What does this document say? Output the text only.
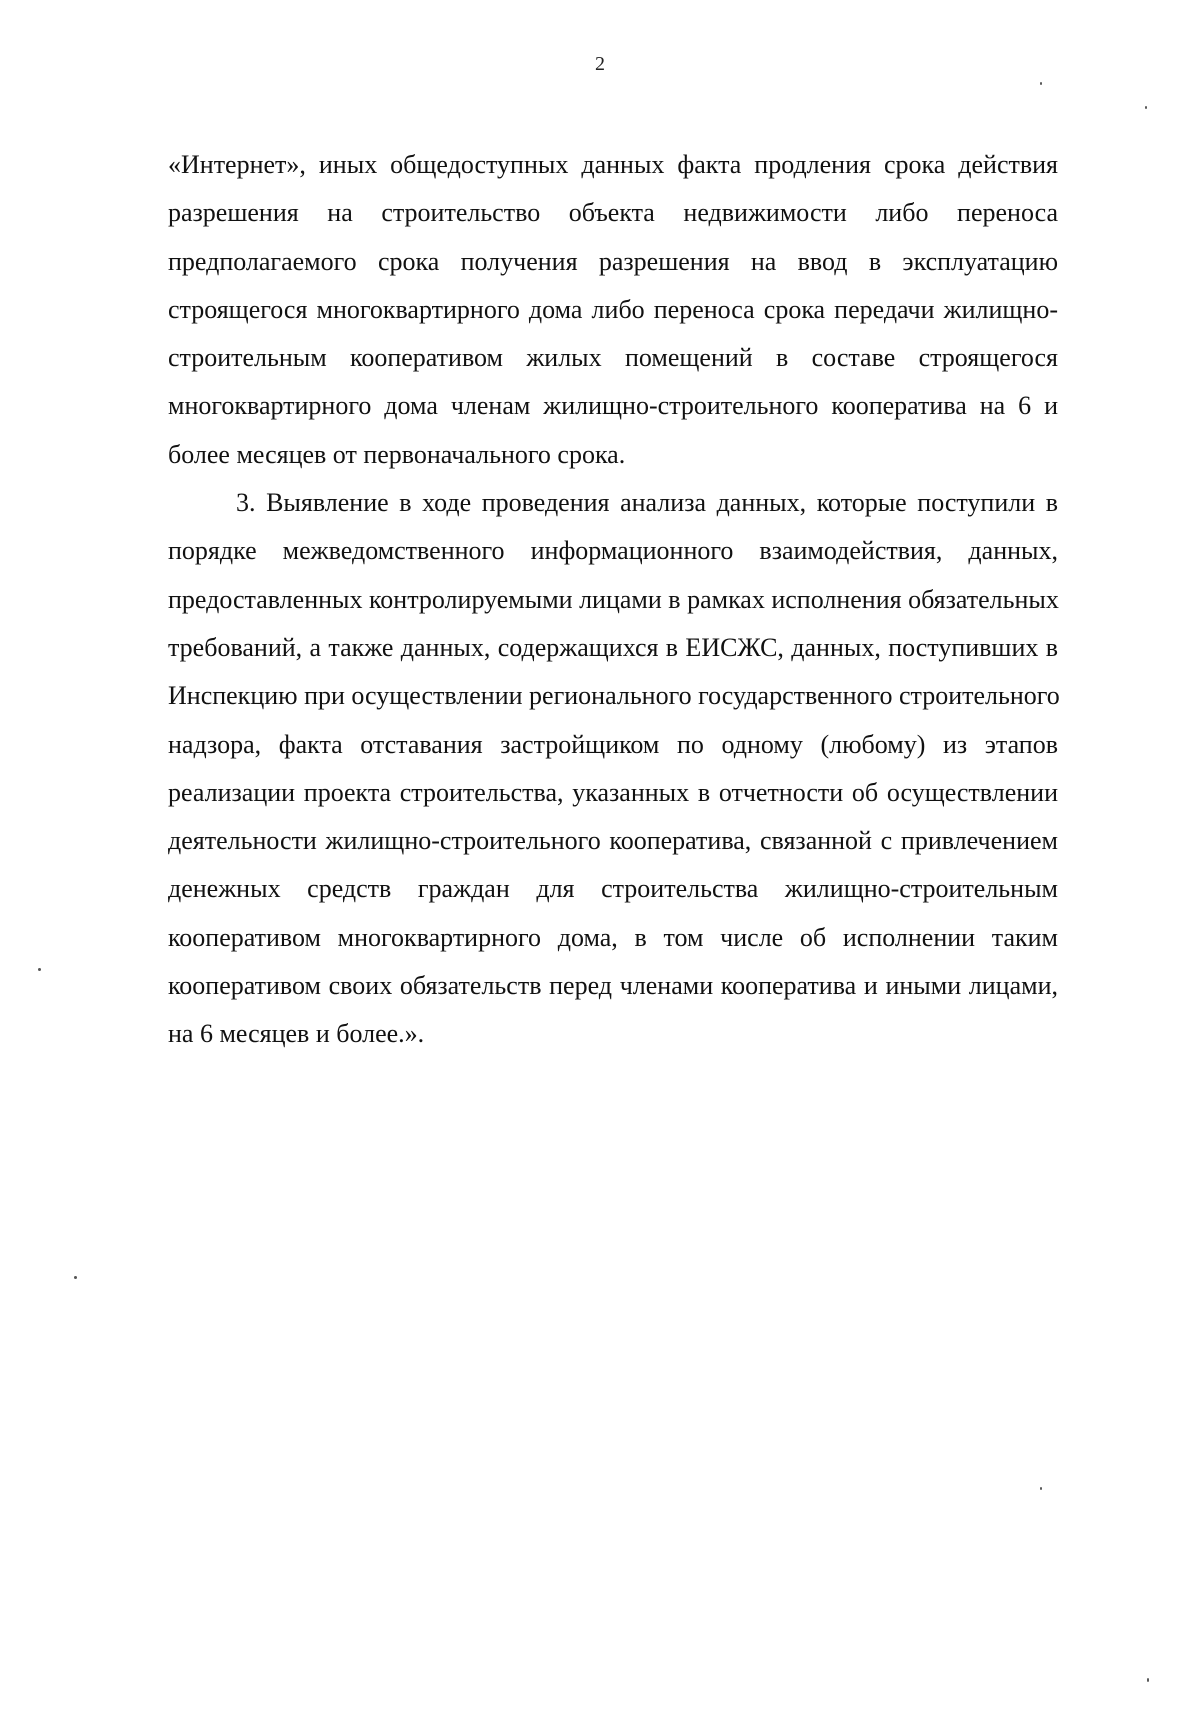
2
«Интернет», иных общедоступных данных факта продления срока действия
разрешения на строительство объекта недвижимости либо переноса
предполагаемого срока получения разрешения на ввод в эксплуатацию
строящегося многоквартирного дома либо переноса срока передачи жилищно-
строительным кооперативом жилых помещений в составе строящегося
многоквартирного дома членам жилищно-строительного кооператива на 6 и
более месяцев от первоначального срока.
3. Выявление в ходе проведения анализа данных, которые поступили в
порядке межведомственного информационного взаимодействия, данных,
предоставленных контролируемыми лицами в рамках исполнения обязательных
требований, а также данных, содержащихся в ЕИСЖС, данных, поступивших в
Инспекцию при осуществлении регионального государственного строительного
надзора, факта отставания застройщиком по одному (любому) из этапов
реализации проекта строительства, указанных в отчетности об осуществлении
деятельности жилищно-строительного кооператива, связанной с привлечением
денежных средств граждан для строительства жилищно-строительным
кооперативом многоквартирного дома, в том числе об исполнении таким
кооперативом своих обязательств перед членами кооператива и иными лицами,
на 6 месяцев и более.».
